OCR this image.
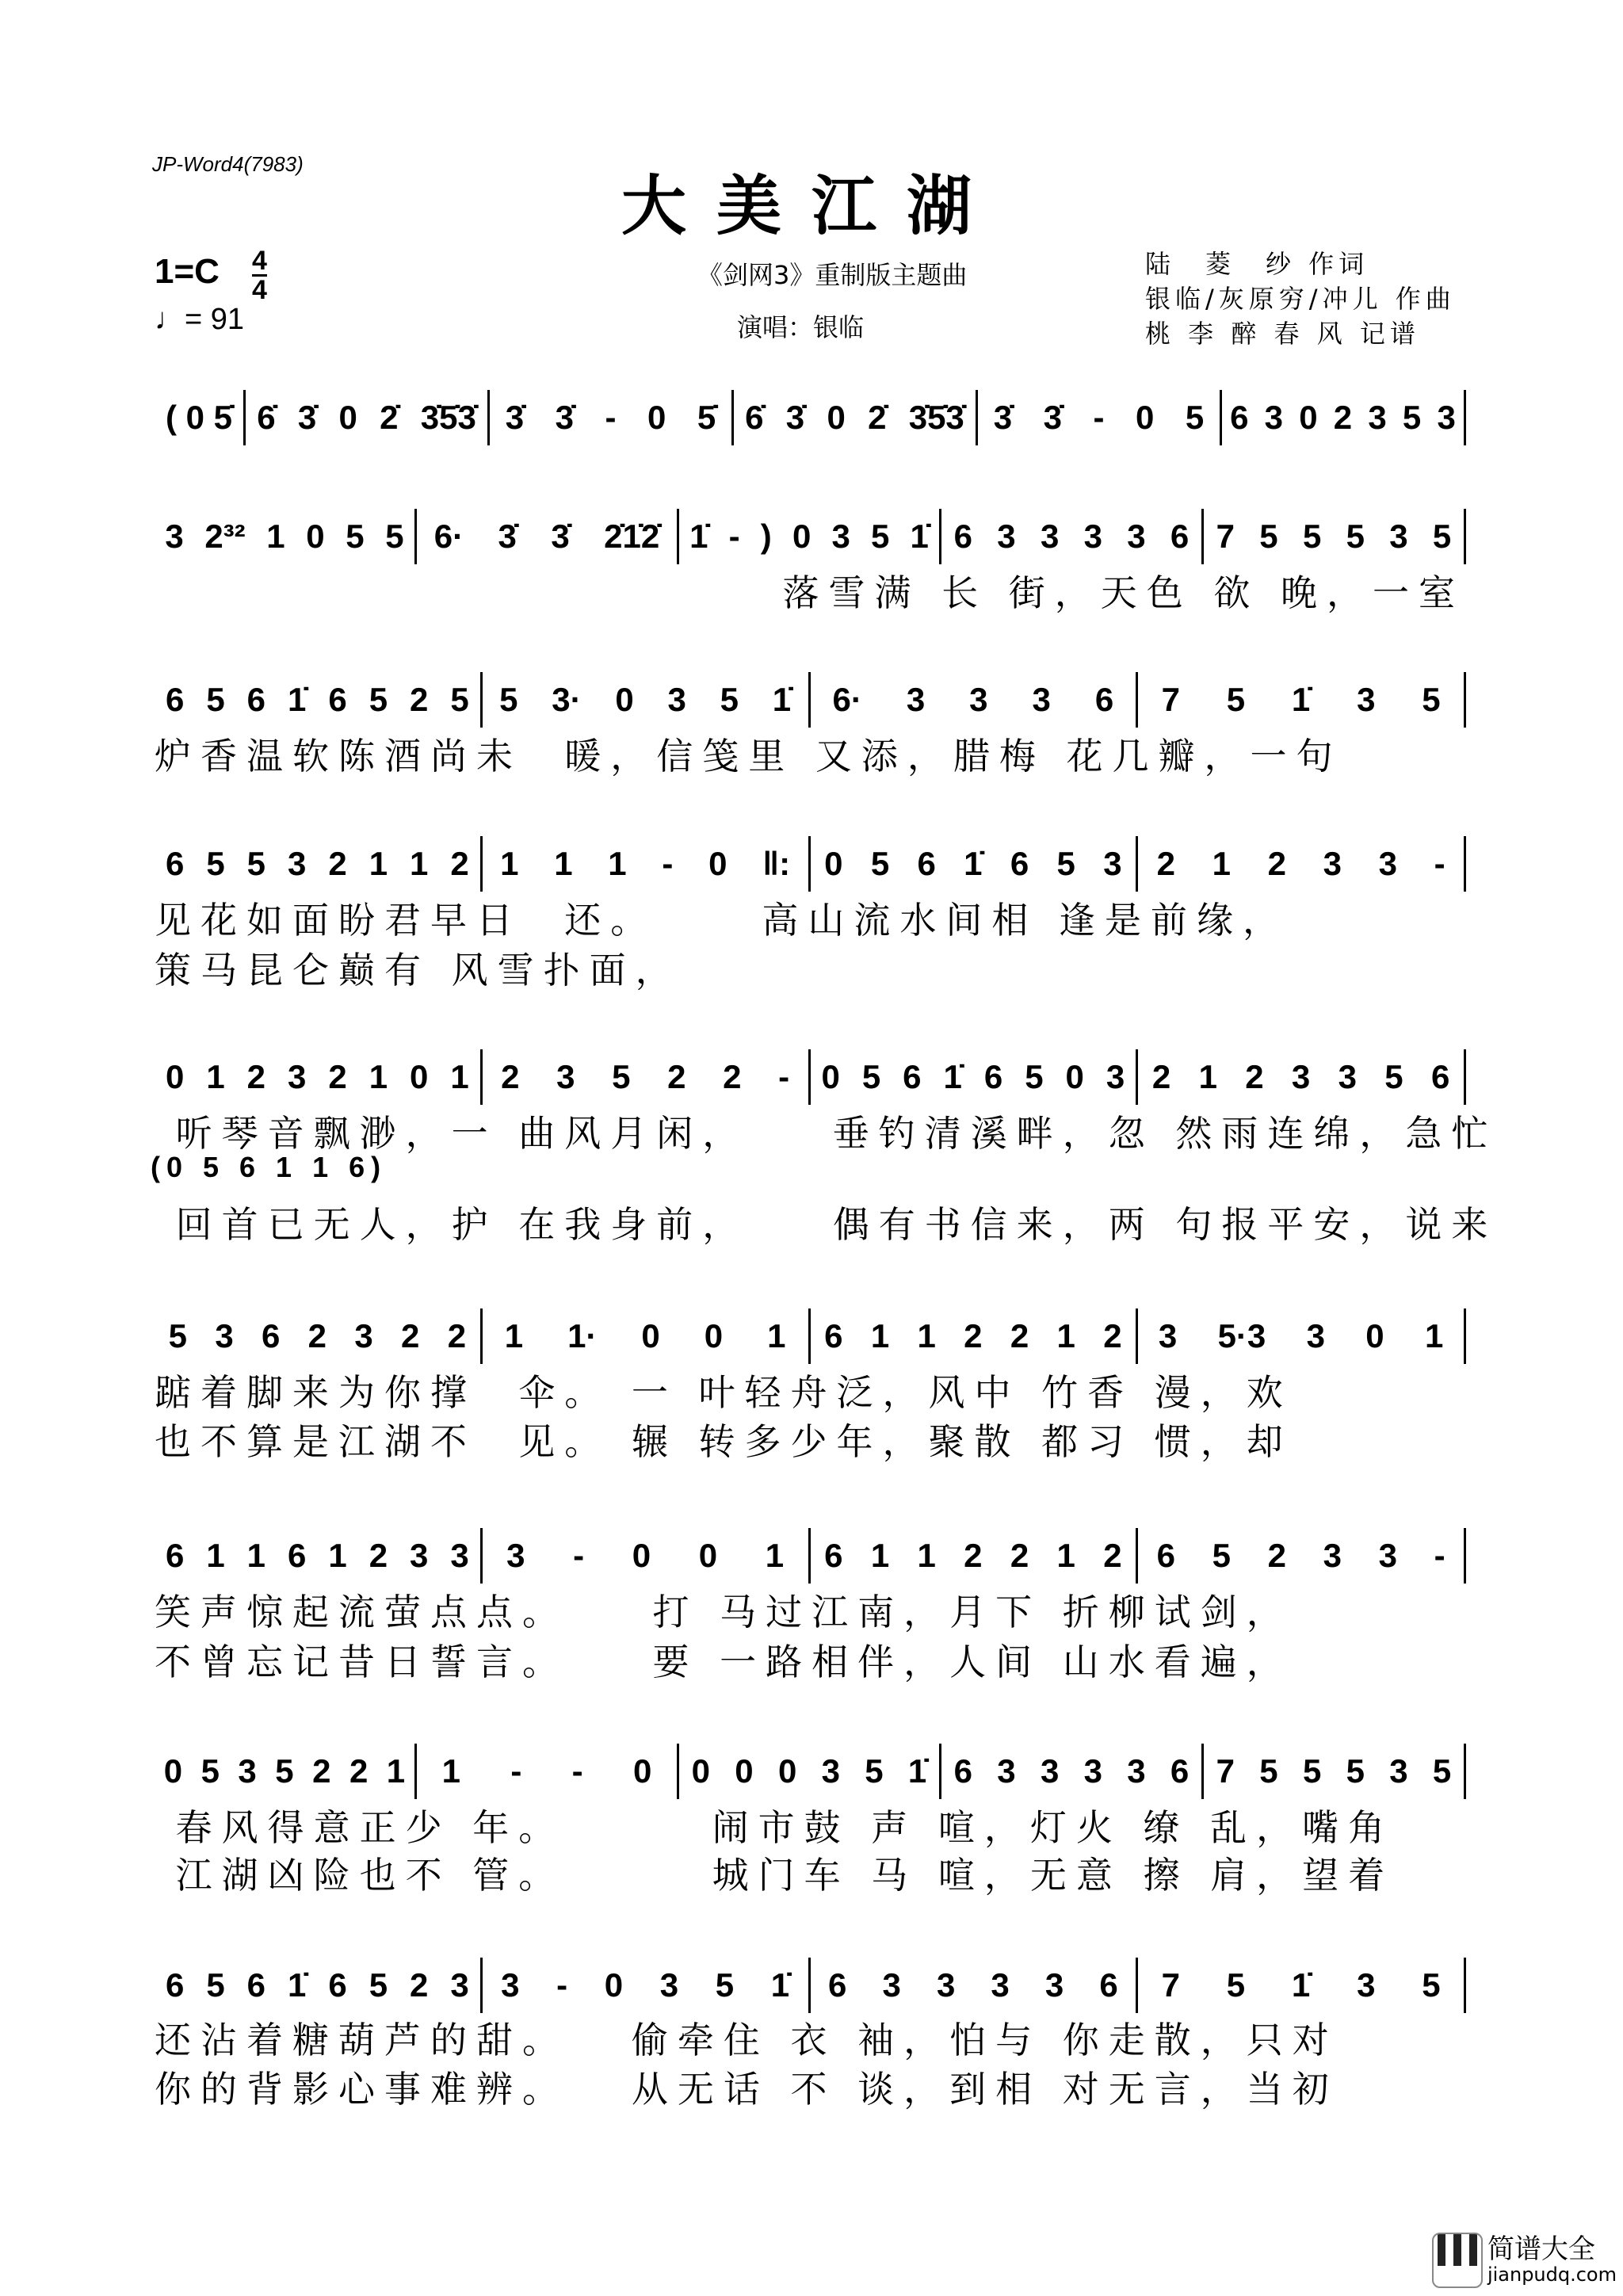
JP-Word4(7983)
大美江湖
1=C 4
4
♩= 91
《剑网3》重制版主题曲
演唱：银临
陆　菱　纱 作词
银临/灰原穷/冲儿 作曲
桃 李 醉 春 风 记谱
( 0 5̇ 6̇ 3̇ 0 2̇ 3̇5̇3̇ 3̇ 3̇ - 0 5̇ 6̇ 3̇ 0 2̇ 3̇5̇3̇ 3̇ 3̇ - 0 5 6 3 0 2 3 5 3
3 2³² 1 0 5 5 6· 3̇ 3̇ 2̇1̇2̇ 1̇ - ) 0 3 5 1̇ 6 3 3 3 3 6 7 5 5 5 3 5
落雪满 长 街，天色 欲 晚，一室
6 5 6 1̇ 6 5 2 5 5 3· 0 3 5 1̇ 6· 3 3 3 6 7 5 1̇ 3 5
炉香温软陈酒尚未  暖，信笺里 又添，腊梅 花几瓣，一句
6 5 5 3 2 1 1 2 1 1 1 - 0 ‖: 0 5 6 1̇ 6 5 3 2 1 2 3 3 -
见花如面盼君早日  还。     高山流水间相 逢是前缘，
策马昆仑巅有 风雪扑面，
0 1 2 3 2 1 0 1 2 3 5 2 2 - 0 5 6 1̇ 6 5 0 3 2 1 2 3 3 5 6
听琴音飘渺，一 曲风月闲，    垂钓清溪畔，忽 然雨连绵，急忙
回首已无人，护 在我身前，    偶有书信来，两 句报平安，说来
(0 5 6 1 1 6)
5 3 6 2 3 2 2 1 1· 0 0 1 6 1 1 2 2 1 2 3 5·3 3 0 1
踮着脚来为你撑  伞。 一 叶轻舟泛，风中 竹香 漫，欢
也不算是江湖不  见。 辗 转多少年，聚散 都习 惯，却
6 1 1 6 1 2 3 3 3 - 0 0 1 6 1 1 2 2 1 2 6 5 2 3 3 -
笑声惊起流萤点点。    打 马过江南，月下 折柳试剑，
不曾忘记昔日誓言。    要 一路相伴，人间 山水看遍，
0 5 3 5 2 2 1 1 - - 0 0 0 0 3 5 1̇ 6 3 3 3 3 6 7 5 5 5 3 5
春风得意正少 年。       闹市鼓 声 喧，灯火 缭 乱，嘴角
江湖凶险也不 管。       城门车 马 喧，无意 擦 肩，望着
6 5 6 1̇ 6 5 2 3 3 - 0 3 5 1̇ 6 3 3 3 3 6 7 5 1̇ 3 5
还沾着糖葫芦的甜。   偷牵住 衣 袖，怕与 你走散，只对
你的背影心事难辨。   从无话 不 谈，到相 对无言，当初
简谱大全
jianpudq.com
